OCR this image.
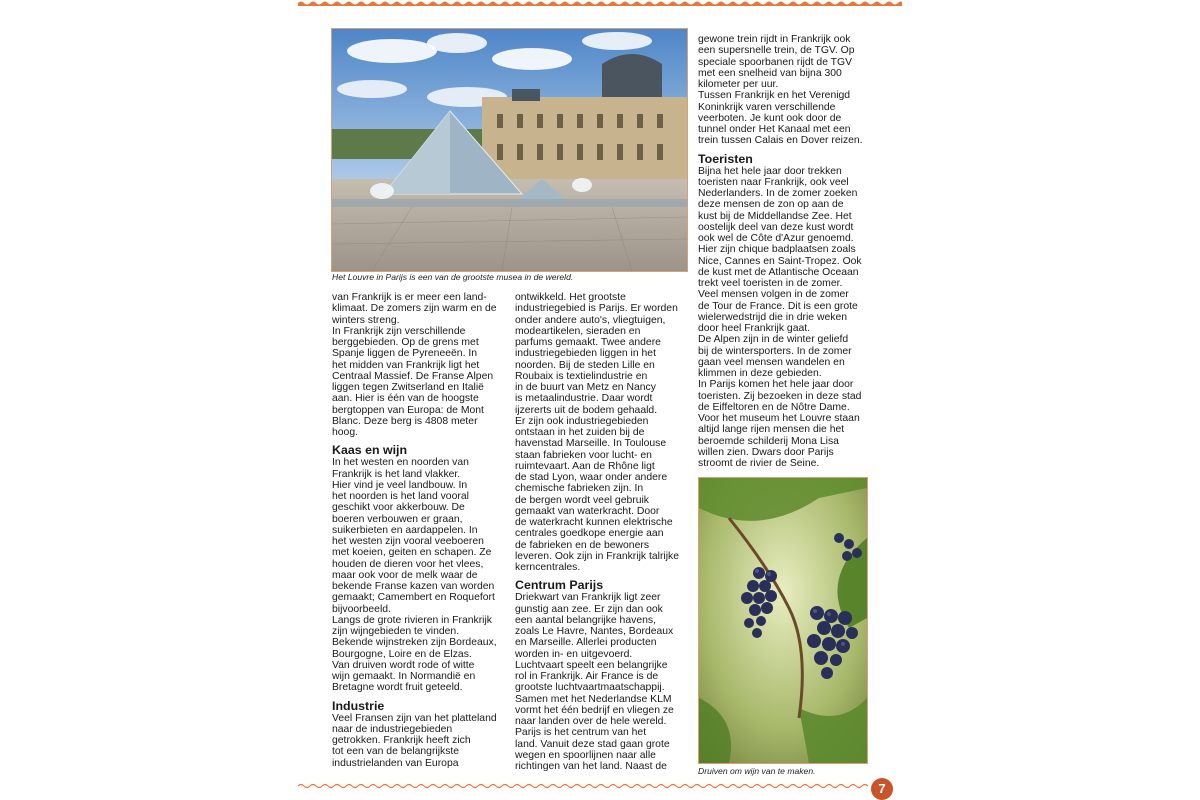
Het Louvre in Parijs is een van de grootste musea in de wereld.

van Frankrijk is er meer een land-
klimaat. De zomers zijn warm en de
winters streng.

In Frankrijk zijn verschillende
berggebieden. Op de grens met
Spanje liggen de Pyreneeën. In
het midden van Frankrijk ligt het
Centraal Massief. De Franse Alpen
liggen tegen Zwitserland en Italië
aan. Hier is één van de hoogste
bergtoppen van Europa: de Mont
Blanc. Deze berg is 4808 meter
hoog.

Kaas en wijn

In het westen en noorden van
Frankrijk is het land vlakker.
Hier vind je veel landbouw. In
het noorden is het land vooral
geschikt voor akkerbouw. De
boeren verbouwen er graan,
suikerbieten en aardappelen. In
het westen zijn vooral veeboeren
met koeien, geiten en schapen. Ze
houden de dieren voor het vlees,
maar ook voor de melk waar de
bekende Franse kazen van worden
gemaakt; Camembert en Roquefort
bijvoorbeeld.

Langs de grote rivieren in Frankrijk
zijn wijngebieden te vinden.
Bekende wijnstreken zijn Bordeaux,
Bourgogne, Loire en de Elzas.
Van druiven wordt rode of witte
wijn gemaakt. In Normandië en
Bretagne wordt fruit geteeld.

Industrie

Veel Fransen zijn van het platteland
naar de industriegebieden
getrokken. Frankrijk heeft zich
tot een van de belangrijkste
industrielanden van Europa

ontwikkeld. Het grootste
industriegebied is Parijs. Er worden
onder andere auto's, vliegtuigen,
modeartikelen, sieraden en
parfums gemaakt. Twee andere
industriegebieden liggen in het
noorden. Bij de steden Lille en
Roubaix is textielindustrie en
in de buurt van Metz en Nancy
is metaalindustrie. Daar wordt
ijzererts uit de bodem gehaald.

Er zijn ook industriegebieden
ontstaan in het zuiden bij de
havenstad Marseille. In Toulouse
staan fabrieken voor lucht- en
ruimtevaart. Aan de Rhône ligt
de stad Lyon, waar onder andere
chemische fabrieken zijn. In
de bergen wordt veel gebruik
gemaakt van waterkracht. Door
de waterkracht kunnen elektrische
centrales goedkope energie aan
de fabrieken en de bewoners
leveren. Ook zijn in Frankrijk talrijke
kerncentrales.

Centrum Parijs

Driekwart van Frankrijk ligt zeer
gunstig aan zee. Er zijn dan ook
een aantal belangrijke havens,
zoals Le Havre, Nantes, Bordeaux
en Marseille. Allerlei producten
worden in- en uitgevoerd.

Luchtvaart speelt een belangrijke
rol in Frankrijk. Air France is de
grootste luchtvaartmaatschappij.
Samen met het Nederlandse KLM
vormt het één bedrijf en vliegen ze
naar landen over de hele wereld.

Parijs is het centrum van het
land. Vanuit deze stad gaan grote
wegen en spoorlijnen naar alle
richtingen van het land. Naast de

gewone trein rijdt in Frankrijk ook
een supersnelle trein, de TGV. Op
speciale spoorbanen rijdt de TGV
met een snelheid van bijna 300
kilometer per uur.

Tussen Frankrijk en het Verenigd
Koninkrijk varen verschillende
veerboten. Je kunt ook door de
tunnel onder Het Kanaal met een
trein tussen Calais en Dover reizen.

Toeristen

Bijna het hele jaar door trekken
toeristen naar Frankrijk, ook veel
Nederlanders. In de zomer zoeken
deze mensen de zon op aan de
kust bij de Middellandse Zee. Het
oostelijk deel van deze kust wordt
ook wel de Côte d'Azur genoemd.
Hier zijn chique badplaatsen zoals
Nice, Cannes en Saint-Tropez. Ook
de kust met de Atlantische Oceaan
trekt veel toeristen in de zomer.

Veel mensen volgen in de zomer
de Tour de France. Dit is een grote
wielerwedstrijd die in drie weken
door heel Frankrijk gaat.

De Alpen zijn in de winter geliefd
bij de wintersporters. In de zomer
gaan veel mensen wandelen en
klimmen in deze gebieden.

In Parijs komen het hele jaar door
toeristen. Zij bezoeken in deze stad
de Eiffeltoren en de Nôtre Dame.
Voor het museum het Louvre staan
altijd lange rijen mensen die het
beroemde schilderij Mona Lisa
willen zien. Dwars door Parijs
stroomt de rivier de Seine.

Druiven om wijn van te maken.
7
